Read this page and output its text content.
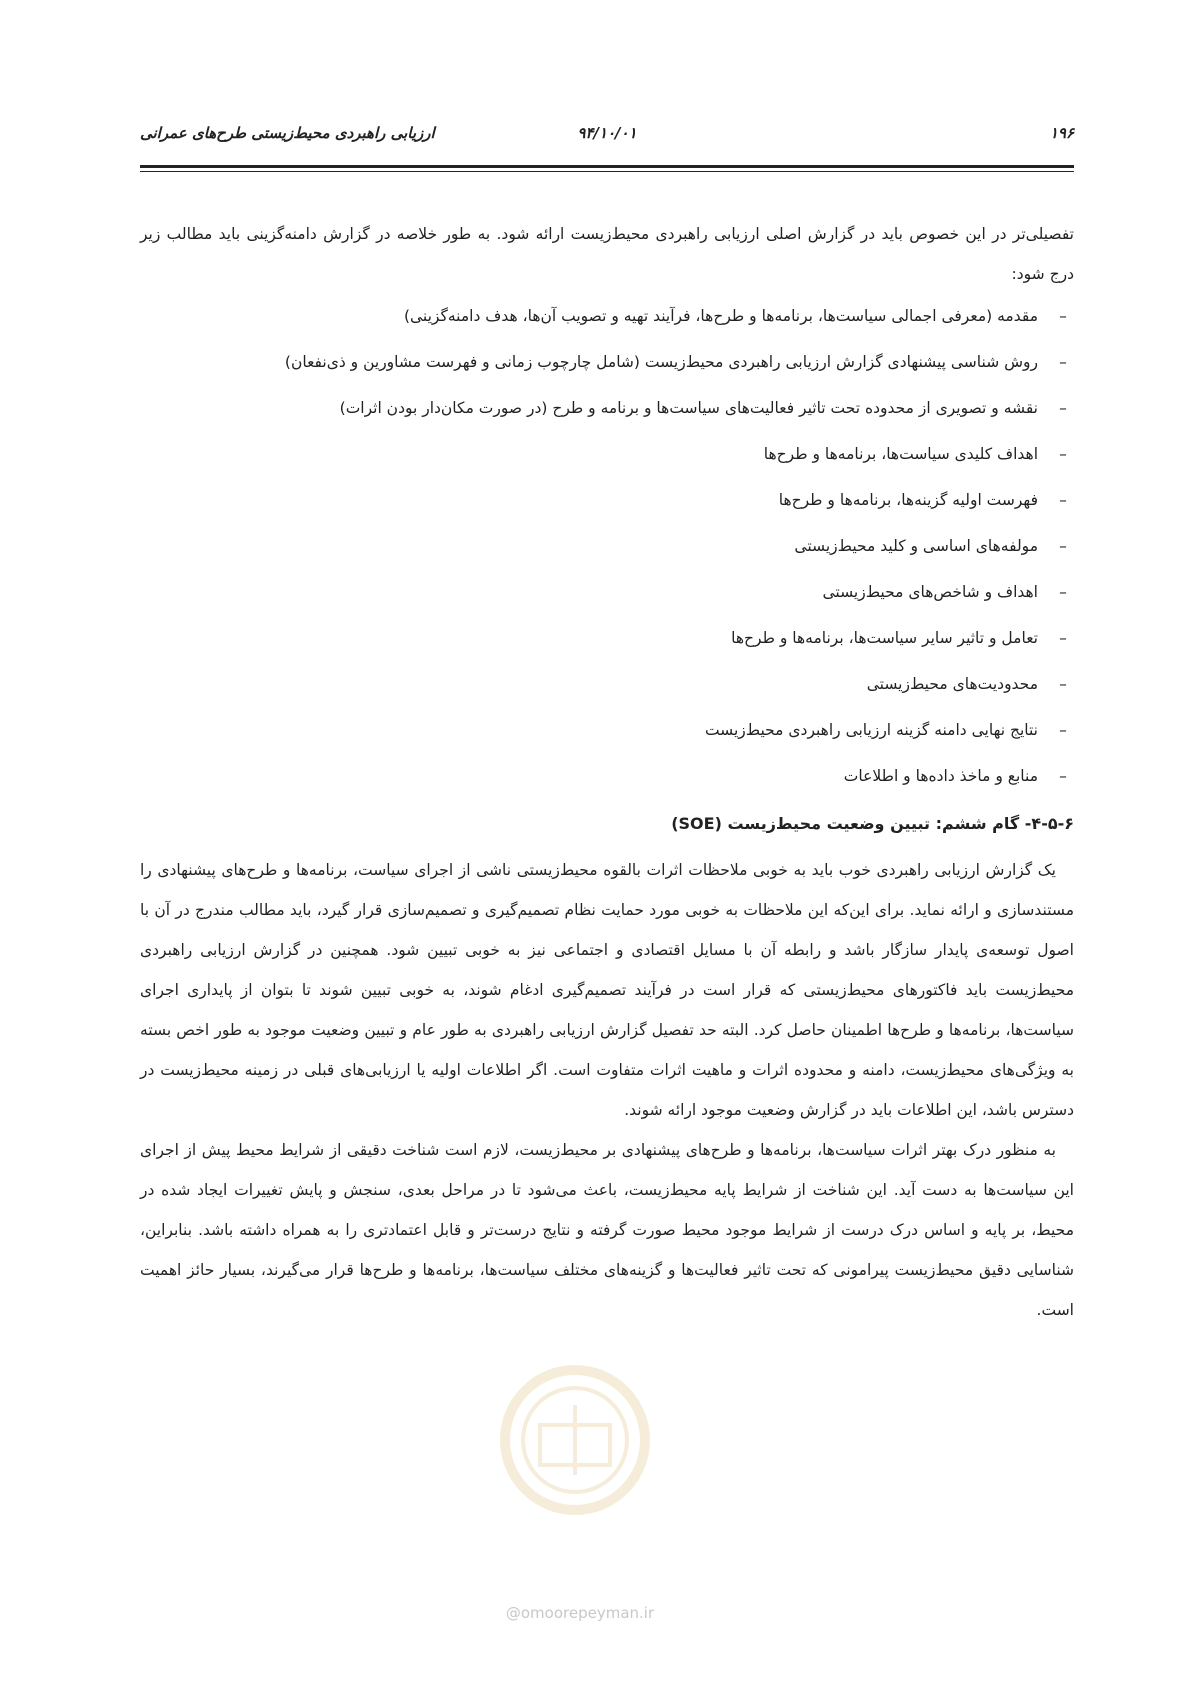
۱۹۶
۹۴/۱۰/۰۱
ارزیابی راهبردی محیط‌زیستی طرح‌های عمرانی

تفصیلی‌تر در این خصوص باید در گزارش اصلی ارزیابی راهبردی محیط‌زیست ارائه شود. به طور خلاصه در گزارش دامنه‌گزینی باید مطالب زیر درج شود:

–
مقدمه (معرفی اجمالی سیاست‌ها، برنامه‌ها و طرح‌ها، فرآیند تهیه و تصویب آن‌ها، هدف دامنه‌گزینی)
–
روش شناسی پیشنهادی گزارش ارزیابی راهبردی محیط‌زیست (شامل چارچوب زمانی و فهرست مشاورین و ذی‌نفعان)
–
نقشه و تصویری از محدوده تحت تاثیر فعالیت‌های سیاست‌ها و برنامه و طرح (در صورت مکان‌دار بودن اثرات)
–
اهداف کلیدی سیاست‌ها، برنامه‌ها و طرح‌ها
–
فهرست اولیه گزینه‌ها، برنامه‌ها و طرح‌ها
–
مولفه‌های اساسی و کلید محیط‌زیستی
–
اهداف و شاخص‌های محیط‌زیستی
–
تعامل و تاثیر سایر سیاست‌ها، برنامه‌ها و طرح‌ها
–
محدودیت‌های محیط‌زیستی
–
نتایج نهایی دامنه گزینه ارزیابی راهبردی محیط‌زیست
–
منابع و ماخذ داده‌ها و اطلاعات
۴-۵-۶- گام ششم: تبیین وضعیت محیط‌زیست (SOE)

یک گزارش ارزیابی راهبردی خوب باید به خوبی ملاحظات اثرات بالقوه محیط‌زیستی ناشی از اجرای سیاست، برنامه‌ها و طرح‌های پیشنهادی را مستندسازی و ارائه نماید. برای این‌که این ملاحظات به خوبی مورد حمایت نظام تصمیم‌گیری و تصمیم‌سازی قرار گیرد، باید مطالب مندرج در آن با اصول توسعه‌ی پایدار سازگار باشد و رابطه آن با مسایل اقتصادی و اجتماعی نیز به خوبی تبیین شود. همچنین در گزارش ارزیابی راهبردی محیط‌زیست باید فاکتورهای محیط‌زیستی که قرار است در فرآیند تصمیم‌گیری ادغام شوند، به خوبی تبیین شوند تا بتوان از پایداری اجرای سیاست‌ها، برنامه‌ها و طرح‌ها اطمینان حاصل کرد. البته حد تفصیل گزارش ارزیابی راهبردی به طور عام و تبیین وضعیت موجود به طور اخص بسته به ویژگی‌های محیط‌زیست، دامنه و محدوده اثرات و ماهیت اثرات متفاوت است. اگر اطلاعات اولیه یا ارزیابی‌های قبلی در زمینه محیط‌زیست در دسترس باشد، این اطلاعات باید در گزارش وضعیت موجود ارائه شوند.

به منظور درک بهتر اثرات سیاست‌ها، برنامه‌ها و طرح‌های پیشنهادی بر محیط‌زیست، لازم است شناخت دقیقی از شرایط محیط پیش از اجرای این سیاست‌ها به دست آید. این شناخت از شرایط پایه محیط‌زیست، باعث می‌شود تا در مراحل بعدی، سنجش و پایش تغییرات ایجاد شده در محیط، بر پایه و اساس درک درست از شرایط موجود محیط صورت گرفته و نتایج درست‌تر و قابل اعتمادتری را به همراه داشته باشد. بنابراین، شناسایی دقیق محیط‌زیست پیرامونی که تحت تاثیر فعالیت‌ها و گزینه‌های مختلف سیاست‌ها، برنامه‌ها و طرح‌ها قرار می‌گیرند، بسیار حائز اهمیت است.

@omoorepeyman.ir
